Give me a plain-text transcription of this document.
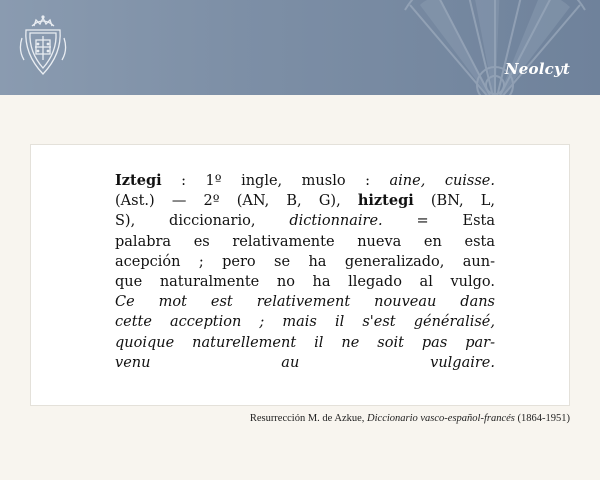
Neolcyt
Iztegi : 1º ingle, muslo : aine, cuisse.
(Ast.) — 2º (AN, B, G), hiztegi (BN, L,
S), diccionario, dictionnaire. = Esta
palabra es relativamente nueva en esta
acepción ; pero se ha generalizado, aun-
que naturalmente no ha llegado al vulgo.
Ce mot est relativement nouveau dans
cette acception ; mais il s'est généralisé,
quoique naturellement il ne soit pas par-
venu au vulgaire.
Resurrección M. de Azkue, Diccionario vasco-español-francés (1864-1951)
